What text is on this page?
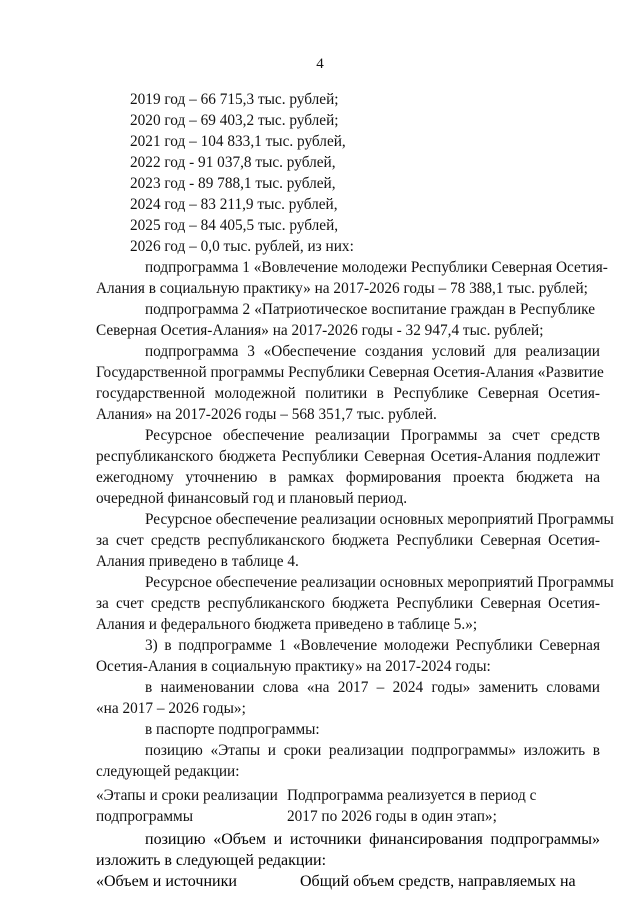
4
2019 год – 66 715,3 тыс. рублей;
2020 год – 69 403,2 тыс. рублей;
2021 год – 104 833,1 тыс. рублей,
2022 год - 91 037,8 тыс. рублей,
2023 год - 89 788,1 тыс. рублей,
2024 год – 83 211,9 тыс. рублей,
2025 год – 84 405,5 тыс. рублей,
2026 год – 0,0 тыс. рублей, из них:
подпрограмма 1 «Вовлечение молодежи Республики Северная Осетия-
Алания в социальную практику» на 2017-2026 годы – 78 388,1 тыс. рублей;
подпрограмма 2 «Патриотическое воспитание граждан в Республике
Северная Осетия-Алания» на 2017-2026 годы - 32 947,4 тыс. рублей;
подпрограмма 3 «Обеспечение создания условий для реализации
Государственной программы Республики Северная Осетия-Алания «Развитие
государственной молодежной политики в Республике Северная Осетия-
Алания» на 2017-2026 годы – 568 351,7 тыс. рублей.
Ресурсное обеспечение реализации Программы за счет средств
республиканского бюджета Республики Северная Осетия-Алания подлежит
ежегодному уточнению в рамках формирования проекта бюджета на
очередной финансовый год и плановый период.
Ресурсное обеспечение реализации основных мероприятий Программы
за счет средств республиканского бюджета Республики Северная Осетия-
Алания приведено в таблице 4.
Ресурсное обеспечение реализации основных мероприятий Программы
за счет средств республиканского бюджета Республики Северная Осетия-
Алания и федерального бюджета приведено в таблице 5.»;
3) в подпрограмме 1 «Вовлечение молодежи Республики Северная
Осетия-Алания в социальную практику» на 2017-2024 годы:
в наименовании слова «на 2017 – 2024 годы» заменить словами
«на 2017 – 2026 годы»;
в паспорте подпрограммы:
позицию «Этапы и сроки реализации подпрограммы» изложить в
следующей редакции:
«Этапы и сроки реализации
подпрограммы
Подпрограмма реализуется в период с
2017 по 2026 годы в один этап»;
позицию «Объем и источники финансирования подпрограммы»
изложить в следующей редакции:
«Объем и источники	Общий объем средств, направляемых на
